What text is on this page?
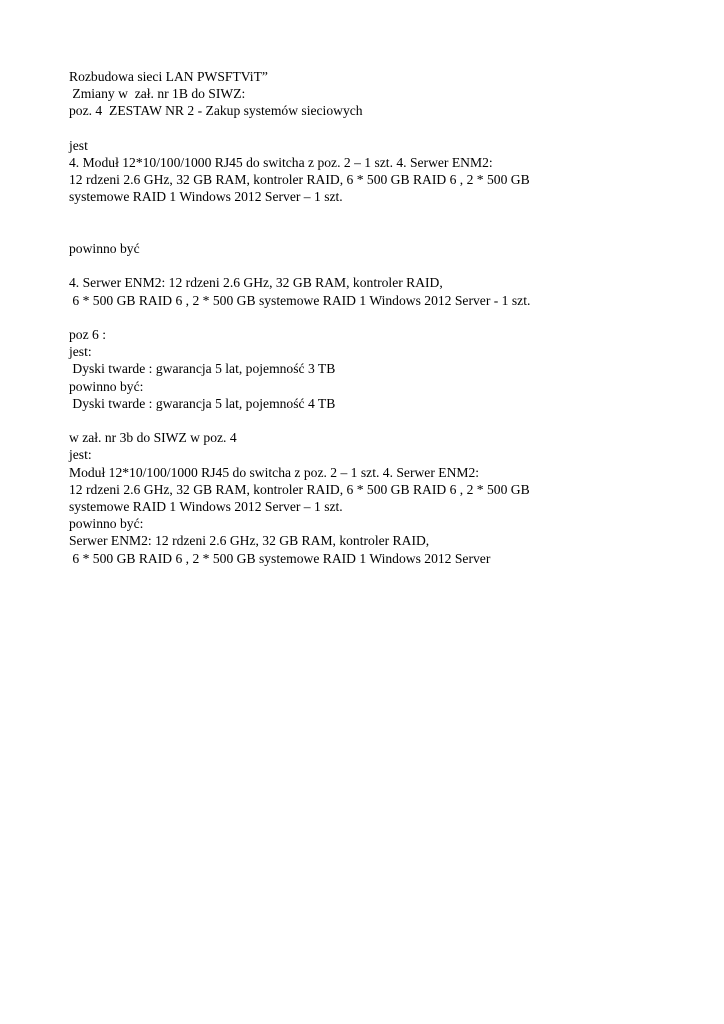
Rozbudowa sieci LAN PWSFTViT”
Zmiany w  zał. nr 1B do SIWZ:
poz. 4  ZESTAW NR 2 - Zakup systemów sieciowych
jest
4. Moduł 12*10/100/1000 RJ45 do switcha z poz. 2 – 1 szt. 4. Serwer ENM2:
12 rdzeni 2.6 GHz, 32 GB RAM, kontroler RAID, 6 * 500 GB RAID 6 , 2 * 500 GB
systemowe RAID 1 Windows 2012 Server – 1 szt.
powinno być
4. Serwer ENM2: 12 rdzeni 2.6 GHz, 32 GB RAM, kontroler RAID,
6 * 500 GB RAID 6 , 2 * 500 GB systemowe RAID 1 Windows 2012 Server - 1 szt.
poz 6 :
jest:
Dyski twarde : gwarancja 5 lat, pojemność 3 TB
powinno być:
Dyski twarde : gwarancja 5 lat, pojemność 4 TB
w zał. nr 3b do SIWZ w poz. 4
jest:
Moduł 12*10/100/1000 RJ45 do switcha z poz. 2 – 1 szt. 4. Serwer ENM2:
12 rdzeni 2.6 GHz, 32 GB RAM, kontroler RAID, 6 * 500 GB RAID 6 , 2 * 500 GB
systemowe RAID 1 Windows 2012 Server – 1 szt.
powinno być:
Serwer ENM2: 12 rdzeni 2.6 GHz, 32 GB RAM, kontroler RAID,
6 * 500 GB RAID 6 , 2 * 500 GB systemowe RAID 1 Windows 2012 Server
